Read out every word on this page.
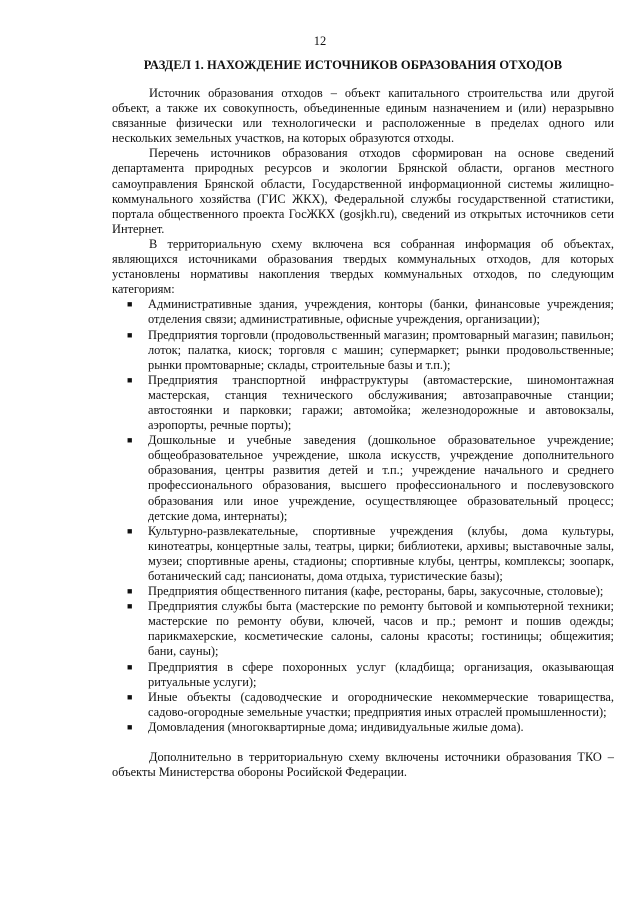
12
РАЗДЕЛ 1. НАХОЖДЕНИЕ ИСТОЧНИКОВ ОБРАЗОВАНИЯ ОТХОДОВ

Источник образования отходов – объект капитального строительства или другой объект, а также их совокупность, объединенные единым назначением и (или) неразрывно связанные физически или технологически и расположенные в пределах одного или нескольких земельных участков, на которых образуются отходы.

Перечень источников образования отходов сформирован на основе сведений департамента природных ресурсов и экологии Брянской области, органов местного самоуправления Брянской области, Государственной информационной системы жилищно-коммунального хозяйства (ГИС ЖКХ), Федеральной службы государственной статистики, портала общественного проекта ГосЖКХ (gosjkh.ru), сведений из открытых источников сети Интернет.

В территориальную схему включена вся собранная информация об объектах, являющихся источниками образования твердых коммунальных отходов, для которых установлены нормативы накопления твердых коммунальных отходов, по следующим категориям:

■ Административные здания, учреждения, конторы (банки, финансовые учреждения; отделения связи; административные, офисные учреждения, организации);
■ Предприятия торговли (продовольственный магазин; промтоварный магазин; павильон; лоток; палатка, киоск; торговля с машин; супермаркет; рынки продовольственные; рынки промтоварные; склады, строительные базы и т.п.);
■ Предприятия транспортной инфраструктуры (автомастерские, шиномонтажная мастерская, станция технического обслуживания; автозаправочные станции; автостоянки и парковки; гаражи; автомойка; железнодорожные и автовокзалы, аэропорты, речные порты);
■ Дошкольные и учебные заведения (дошкольное образовательное учреждение; общеобразовательное учреждение, школа искусств, учреждение дополнительного образования, центры развития детей и т.п.; учреждение начального и среднего профессионального образования, высшего профессионального и послевузовского образования или иное учреждение, осуществляющее образовательный процесс; детские дома, интернаты);
■ Культурно-развлекательные, спортивные учреждения (клубы, дома культуры, кинотеатры, концертные залы, театры, цирки; библиотеки, архивы; выставочные залы, музеи; спортивные арены, стадионы; спортивные клубы, центры, комплексы; зоопарк, ботанический сад; пансионаты, дома отдыха, туристические базы);
■ Предприятия общественного питания (кафе, рестораны, бары, закусочные, столовые);
■ Предприятия службы быта (мастерские по ремонту бытовой и компьютерной техники; мастерские по ремонту обуви, ключей, часов и пр.; ремонт и пошив одежды; парикмахерские, косметические салоны, салоны красоты; гостиницы; общежития; бани, сауны);
■ Предприятия в сфере похоронных услуг (кладбища; организация, оказывающая ритуальные услуги);
■ Иные объекты (садоводческие и огороднические некоммерческие товарищества, садово-огородные земельные участки; предприятия иных отраслей промышленности);
■ Домовладения (многоквартирные дома; индивидуальные жилые дома).

Дополнительно в территориальную схему включены источники образования ТКО – объекты Министерства обороны Росийской Федерации.
